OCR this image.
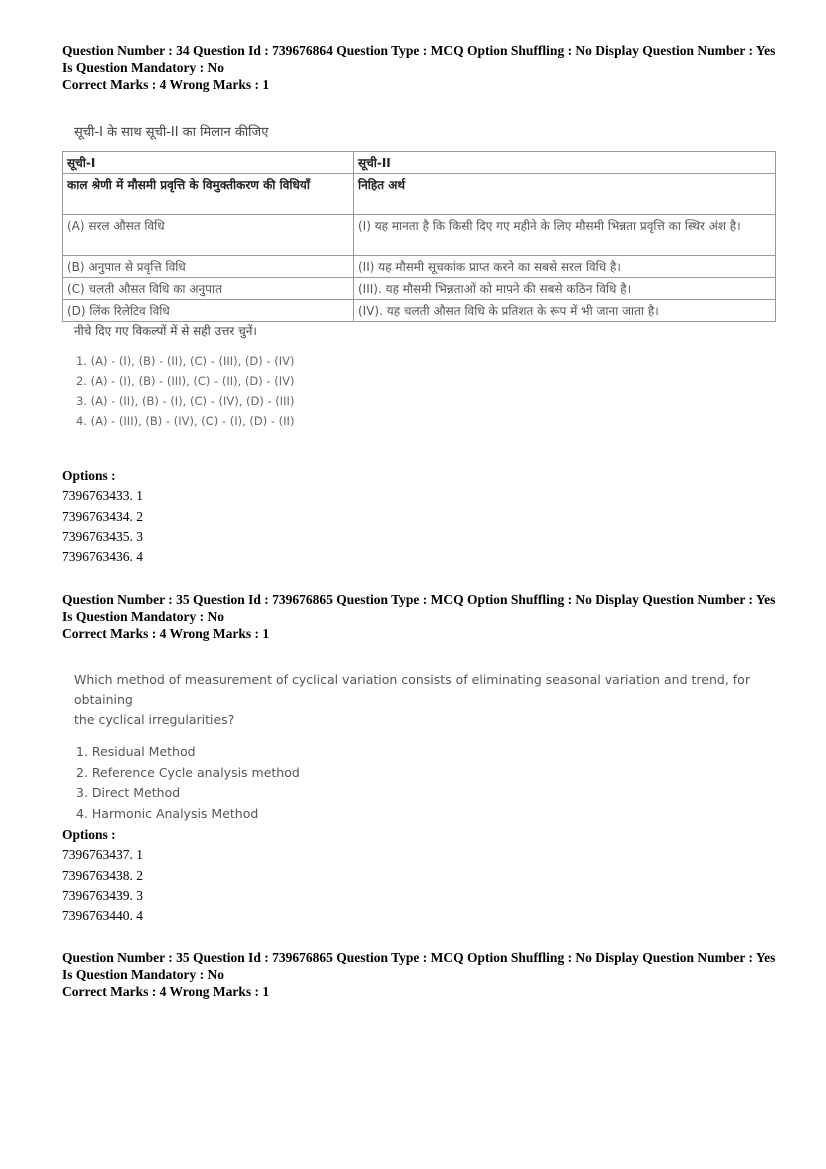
Question Number : 34 Question Id : 739676864 Question Type : MCQ Option Shuffling : No Display Question Number : Yes
Is Question Mandatory : No
Correct Marks : 4 Wrong Marks : 1
सूची-I के साथ सूची-II का मिलान कीजिए
सूची-I	सूची-II
काल श्रेणी में मौसमी प्रवृत्ति के विमुक्तीकरण की विधियाँ	निहित अर्थ
(A) सरल औसत विधि	(I) यह मानता है कि किसी दिए गए महीने के लिए मौसमी भिन्नता प्रवृत्ति का स्थिर अंश है।
(B) अनुपात से प्रवृत्ति विधि	(II) यह मौसमी सूचकांक प्राप्त करने का सबसे सरल विधि है।
(C) चलती औसत विधि का अनुपात	(III). यह मौसमी भिन्नताओं को मापने की सबसे कठिन विधि है।
(D) लिंक रिलेटिव विधि	(IV). यह चलती औसत विधि के प्रतिशत के रूप में भी जाना जाता है।
नीचे दिए गए विकल्पों में से सही उत्तर चुनें।
1. (A) - (I), (B) - (II), (C) - (III), (D) - (IV)
2. (A) - (I), (B) - (III), (C) - (II), (D) - (IV)
3. (A) - (II), (B) - (I), (C) - (IV), (D) - (III)
4. (A) - (III), (B) - (IV), (C) - (I), (D) - (II)
Options :
7396763433. 1
7396763434. 2
7396763435. 3
7396763436. 4
Question Number : 35 Question Id : 739676865 Question Type : MCQ Option Shuffling : No Display Question Number : Yes
Is Question Mandatory : No
Correct Marks : 4 Wrong Marks : 1
Which method of measurement of cyclical variation consists of eliminating seasonal variation and trend, for obtaining
the cyclical irregularities?
1. Residual Method
2. Reference Cycle analysis method
3. Direct Method
4. Harmonic Analysis Method
Options :
7396763437. 1
7396763438. 2
7396763439. 3
7396763440. 4
Question Number : 35 Question Id : 739676865 Question Type : MCQ Option Shuffling : No Display Question Number : Yes
Is Question Mandatory : No
Correct Marks : 4 Wrong Marks : 1
